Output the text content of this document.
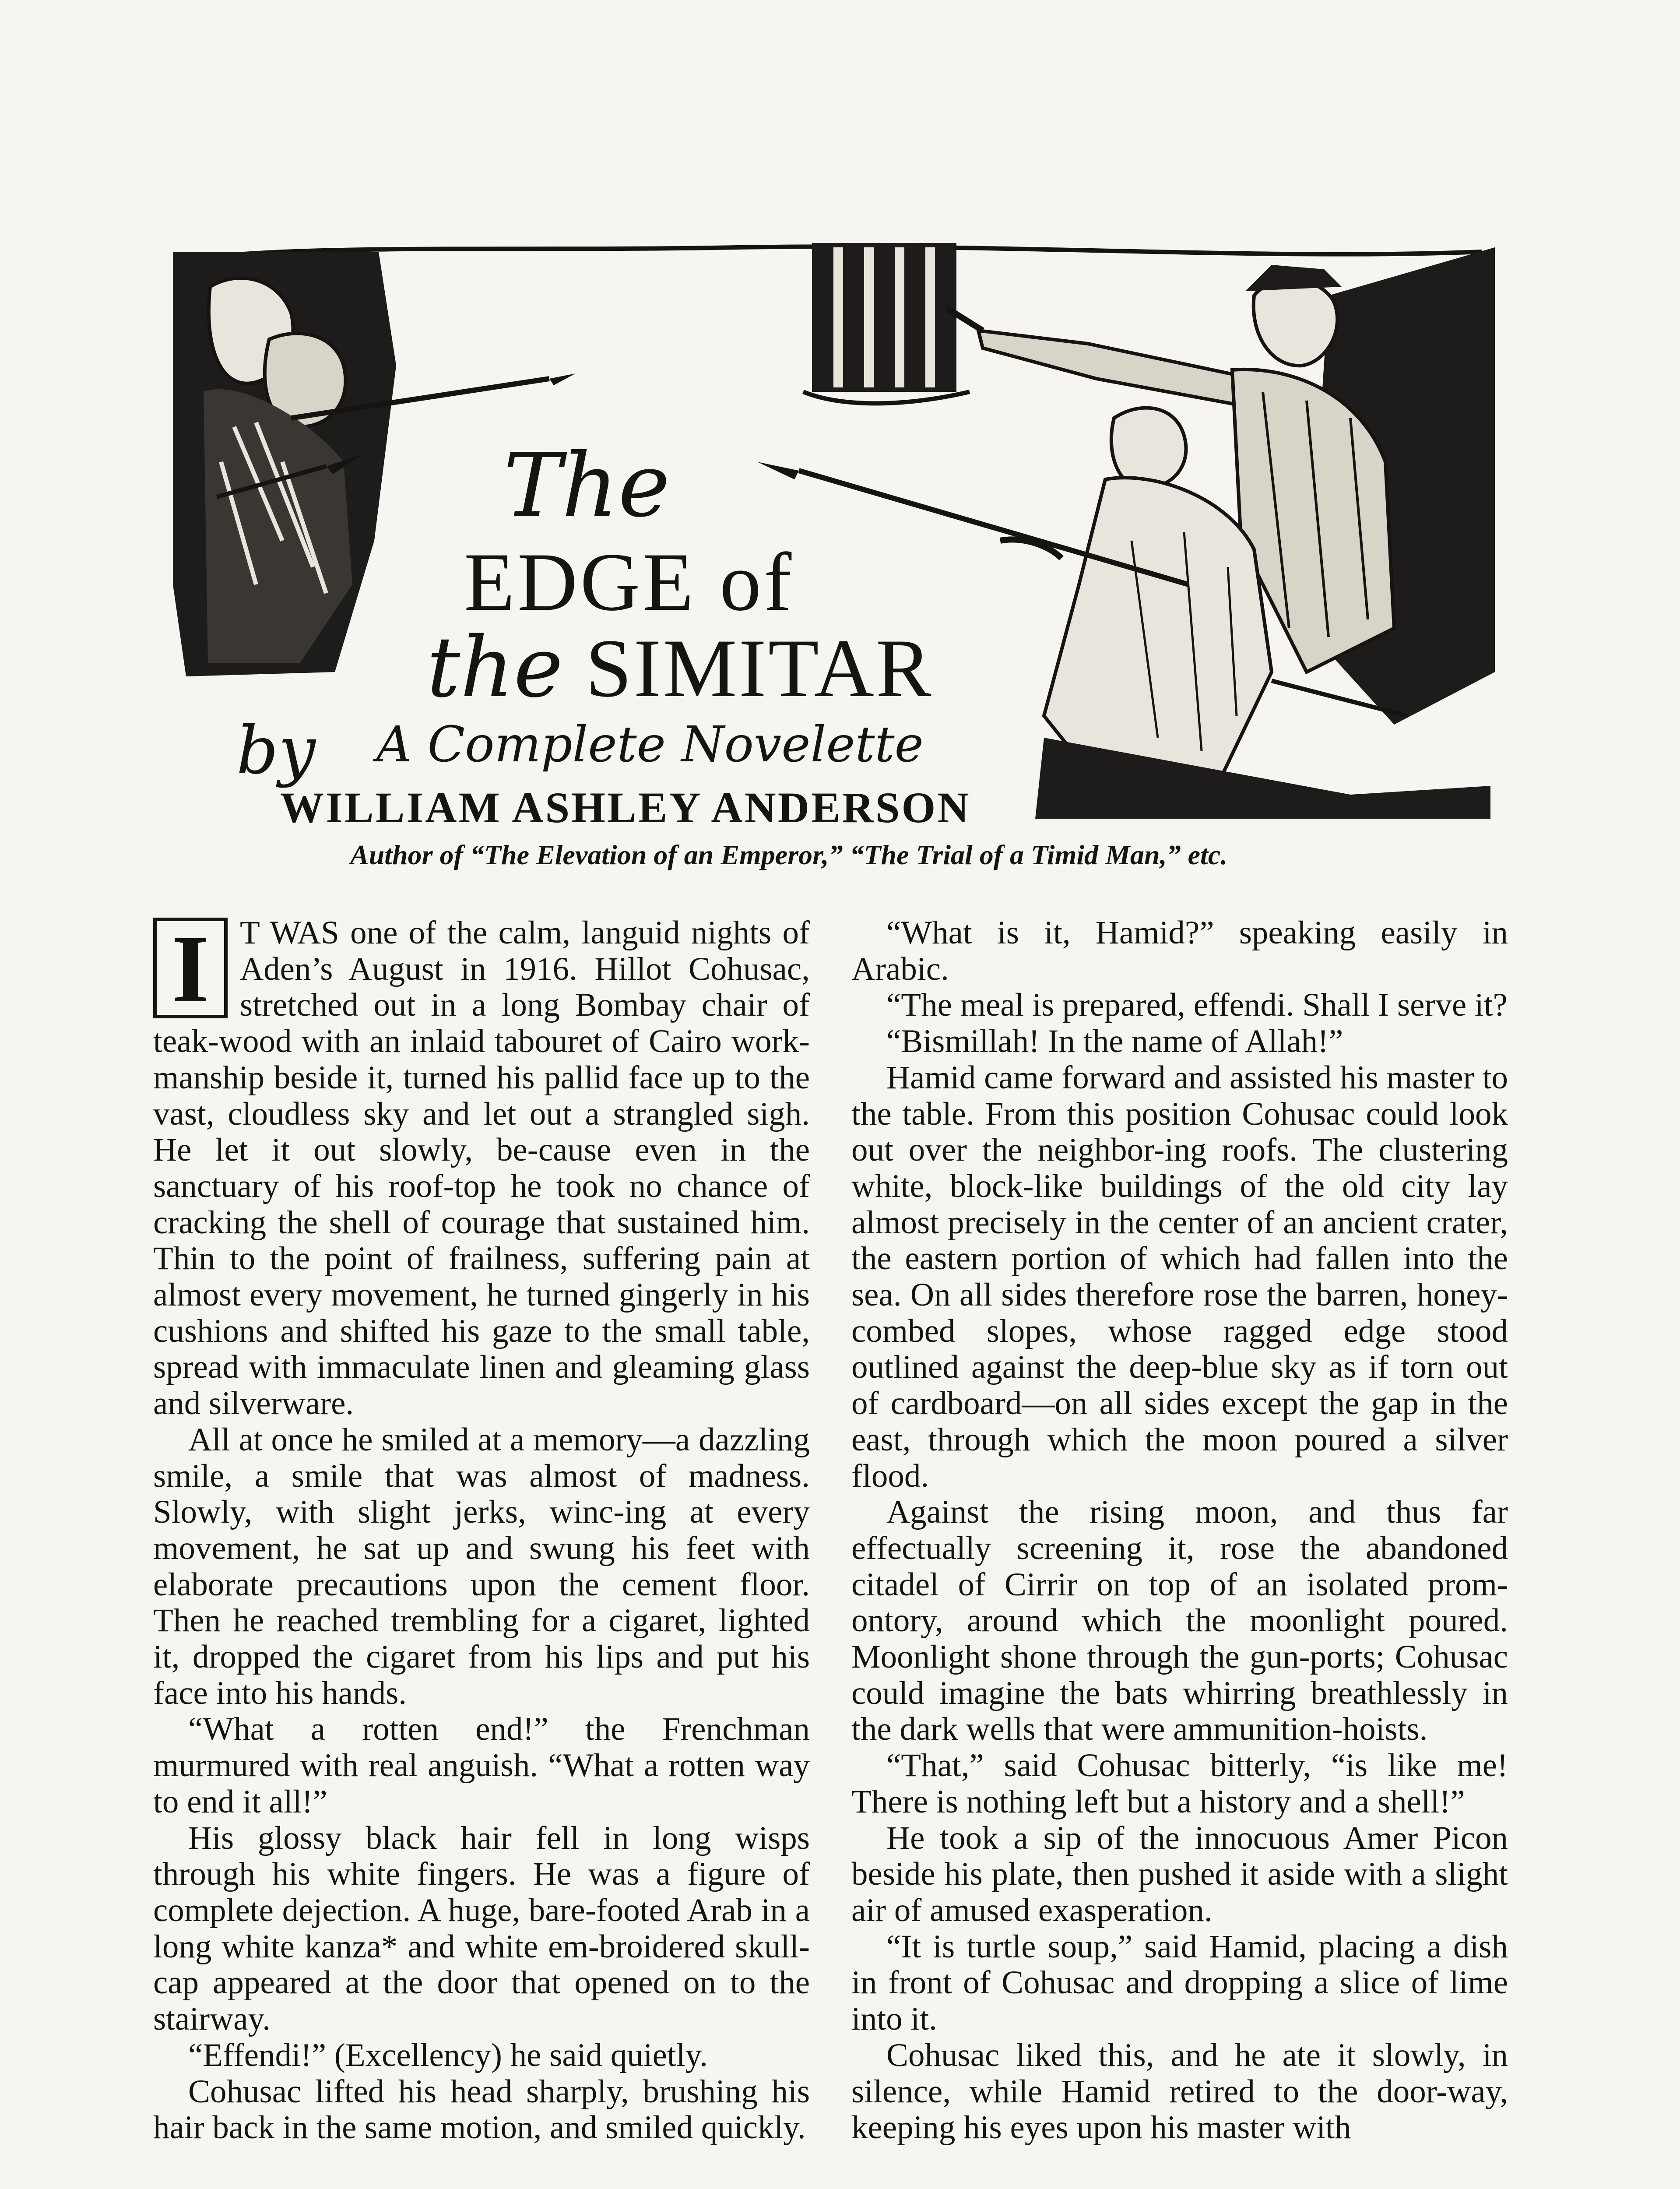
The
EDGE of
the SIMITAR
by A Complete Novelette
WILLIAM ASHLEY ANDERSON
Author of “The Elevation of an Emperor,” “The Trial of a Timid Man,” etc.
I T WAS one of the calm, languid nights of Aden’s August in 1916. Hillot Cohusac, stretched out in a long Bombay chair of teak-wood with an inlaid tabouret of Cairo work-manship beside it, turned his pallid face up to the vast, cloudless sky and let out a strangled sigh. He let it out slowly, be-cause even in the sanctuary of his roof-top he took no chance of cracking the shell of courage that sustained him. Thin to the point of frailness, suffering pain at almost every movement, he turned gingerly in his cushions and shifted his gaze to the small table, spread with immaculate linen and gleaming glass and silverware.

All at once he smiled at a memory—a dazzling smile, a smile that was almost of madness. Slowly, with slight jerks, winc-ing at every movement, he sat up and swung his feet with elaborate precautions upon the cement floor. Then he reached trembling for a cigaret, lighted it, dropped the cigaret from his lips and put his face into his hands.

“What a rotten end!” the Frenchman murmured with real anguish. “What a rotten way to end it all!”

His glossy black hair fell in long wisps through his white fingers. He was a figure of complete dejection. A huge, bare-footed Arab in a long white kanza* and white em-broidered skull-cap appeared at the door that opened on to the stairway.

“Effendi!” (Excellency) he said quietly.

Cohusac lifted his head sharply, brushing his hair back in the same motion, and smiled quickly.

“What is it, Hamid?” speaking easily in Arabic.

“The meal is prepared, effendi. Shall I serve it?

“Bismillah! In the name of Allah!”

Hamid came forward and assisted his master to the table. From this position Cohusac could look out over the neighbor-ing roofs. The clustering white, block-like buildings of the old city lay almost precisely in the center of an ancient crater, the eastern portion of which had fallen into the sea. On all sides therefore rose the barren, honey-combed slopes, whose ragged edge stood outlined against the deep-blue sky as if torn out of cardboard—on all sides except the gap in the east, through which the moon poured a silver flood.

Against the rising moon, and thus far effectually screening it, rose the abandoned citadel of Cirrir on top of an isolated prom-ontory, around which the moonlight poured. Moonlight shone through the gun-ports; Cohusac could imagine the bats whirring breathlessly in the dark wells that were ammunition-hoists.

“That,” said Cohusac bitterly, “is like me! There is nothing left but a history and a shell!”

He took a sip of the innocuous Amer Picon beside his plate, then pushed it aside with a slight air of amused exasperation.

“It is turtle soup,” said Hamid, placing a dish in front of Cohusac and dropping a slice of lime into it.

Cohusac liked this, and he ate it slowly, in silence, while Hamid retired to the door-way, keeping his eyes upon his master with
